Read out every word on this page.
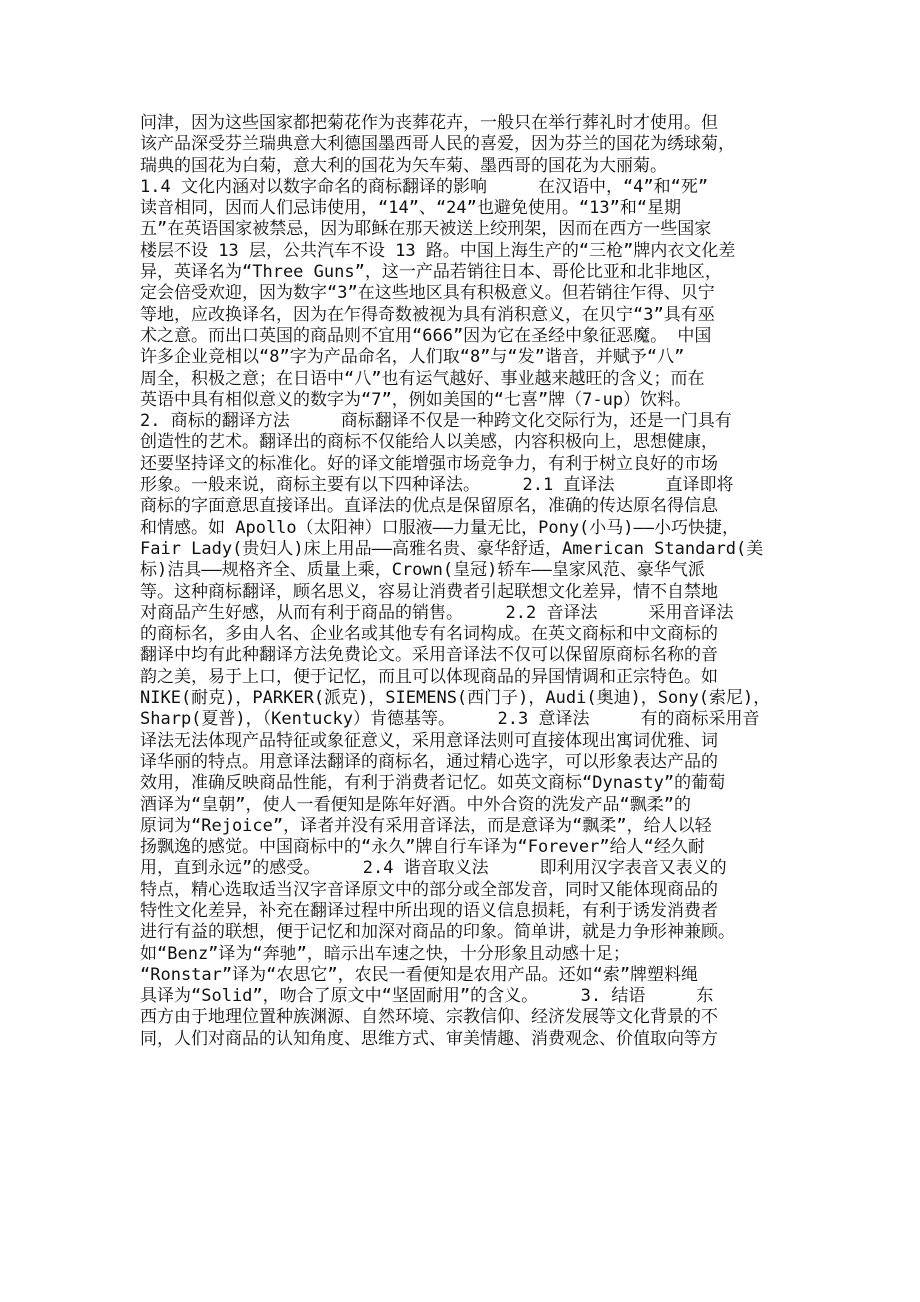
问津，因为这些国家都把菊花作为丧葬花卉，一般只在举行葬礼时才使用。但
该产品深受芬兰瑞典意大利德国墨西哥人民的喜爱，因为芬兰的国花为绣球菊，
瑞典的国花为白菊，意大利的国花为矢车菊、墨西哥的国花为大丽菊。
1.4 文化内涵对以数字命名的商标翻译的影响　　　在汉语中，“4”和“死”
读音相同，因而人们忌讳使用，“14”、“24”也避免使用。“13”和“星期
五”在英语国家被禁忌，因为耶稣在那天被送上绞刑架，因而在西方一些国家
楼层不设 13 层，公共汽车不设 13 路。中国上海生产的“三枪”牌内衣文化差
异，英译名为“Three Guns”，这一产品若销往日本、哥伦比亚和北非地区，
定会倍受欢迎，因为数字“3”在这些地区具有积极意义。但若销往乍得、贝宁
等地，应改换译名，因为在乍得奇数被视为具有消积意义，在贝宁“3”具有巫
术之意。而出口英国的商品则不宜用“666”因为它在圣经中象征恶魔。 中国
许多企业竞相以“8”字为产品命名，人们取“8”与“发”谐音，并赋予“八”
周全，积极之意；在日语中“八”也有运气越好、事业越来越旺的含义；而在
英语中具有相似意义的数字为“7”，例如美国的“七喜”牌（7-up）饮料。
2. 商标的翻译方法　　　商标翻译不仅是一种跨文化交际行为，还是一门具有
创造性的艺术。翻译出的商标不仅能给人以美感，内容积极向上，思想健康，
还要坚持译文的标准化。好的译文能增强市场竞争力，有利于树立良好的市场
形象。一般来说，商标主要有以下四种译法。　　　2.1 直译法　　　直译即将
商标的字面意思直接译出。直译法的优点是保留原名，准确的传达原名得信息
和情感。如 Apollo（太阳神）口服液——力量无比，Pony(小马)——小巧快捷，
Fair Lady(贵妇人)床上用品——高雅名贵、豪华舒适，American Standard(美
标)洁具——规格齐全、质量上乘，Crown(皇冠)轿车——皇家风范、豪华气派
等。这种商标翻译，顾名思义，容易让消费者引起联想文化差异，情不自禁地
对商品产生好感，从而有利于商品的销售。　　　2.2 音译法　　　采用音译法
的商标名，多由人名、企业名或其他专有名词构成。在英文商标和中文商标的
翻译中均有此种翻译方法免费论文。采用音译法不仅可以保留原商标名称的音
韵之美，易于上口，便于记忆，而且可以体现商品的异国情调和正宗特色。如
NIKE(耐克)，PARKER(派克)，SIEMENS(西门子)，Audi(奥迪)，Sony(索尼)，
Sharp(夏普)，（Kentucky）肯德基等。　　　2.3 意译法　　　有的商标采用音
译法无法体现产品特征或象征意义，采用意译法则可直接体现出寓词优雅、词
译华丽的特点。用意译法翻译的商标名，通过精心选字，可以形象表达产品的
效用，准确反映商品性能，有利于消费者记忆。如英文商标“Dynasty”的葡萄
酒译为“皇朝”，使人一看便知是陈年好酒。中外合资的洗发产品“飘柔”的
原词为“Rejoice”，译者并没有采用音译法，而是意译为“飘柔”，给人以轻
扬飘逸的感觉。中国商标中的“永久”牌自行车译为“Forever”给人“经久耐
用，直到永远”的感受。　　　2.4 谐音取义法　　　即利用汉字表音又表义的
特点，精心选取适当汉字音译原文中的部分或全部发音，同时又能体现商品的
特性文化差异，补充在翻译过程中所出现的语义信息损耗，有利于诱发消费者
进行有益的联想，便于记忆和加深对商品的印象。简单讲，就是力争形神兼顾。
如“Benz”译为“奔驰”，暗示出车速之快，十分形象且动感十足；
“Ronstar”译为“农思它”，农民一看便知是农用产品。还如“索”牌塑料绳
具译为“Solid”，吻合了原文中“坚固耐用”的含义。　　　3. 结语　　　东
西方由于地理位置种族渊源、自然环境、宗教信仰、经济发展等文化背景的不
同，人们对商品的认知角度、思维方式、审美情趣、消费观念、价值取向等方
